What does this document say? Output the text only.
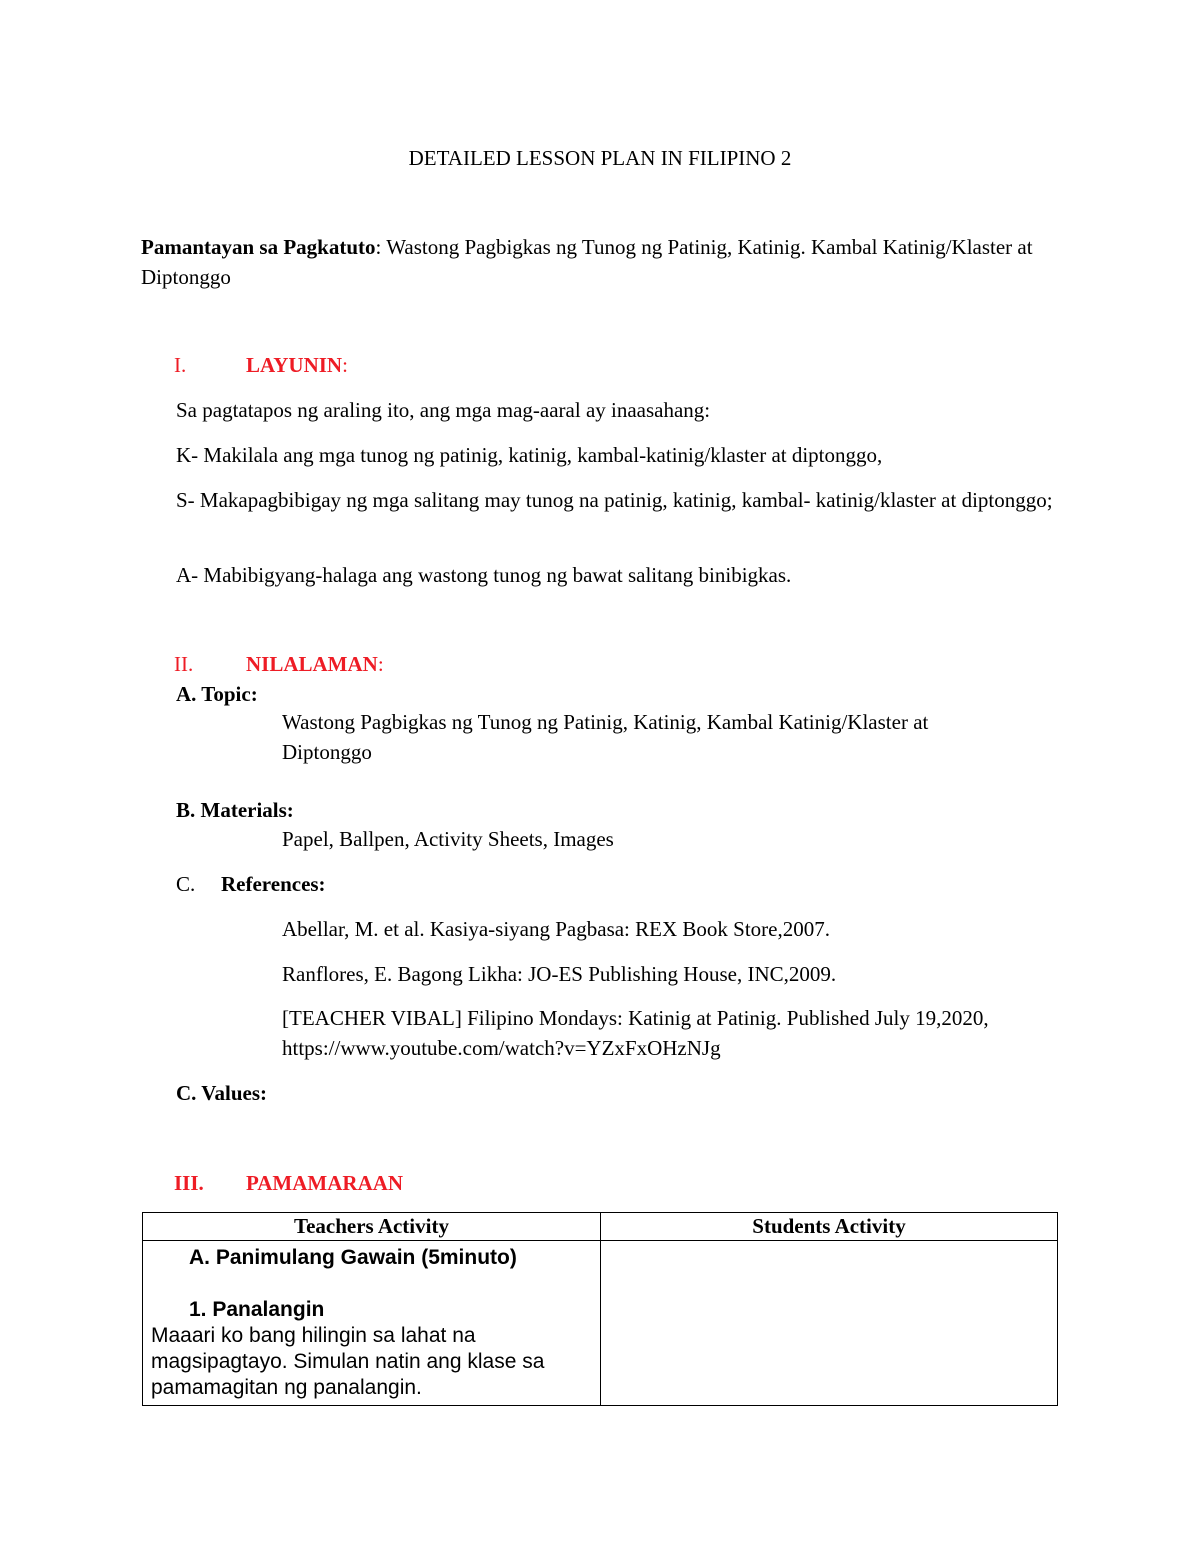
DETAILED LESSON PLAN IN FILIPINO 2
Pamantayan sa Pagkatuto: Wastong Pagbigkas ng Tunog ng Patinig, Katinig. Kambal Katinig/Klaster at Diptonggo
I.	LAYUNIN:
Sa pagtatapos ng araling ito, ang mga mag-aaral ay inaasahang:
K- Makilala ang mga tunog ng patinig, katinig, kambal-katinig/klaster at diptonggo,
S- Makapagbibigay ng mga salitang may tunog na patinig, katinig, kambal- katinig/klaster at diptonggo;
A- Mabibigyang-halaga ang wastong tunog ng bawat salitang binibigkas.
II.	NILALAMAN:
A. Topic:
Wastong Pagbigkas ng Tunog ng Patinig, Katinig, Kambal Katinig/Klaster at Diptonggo
B. Materials:
Papel, Ballpen, Activity Sheets, Images
C. References:
Abellar, M. et al. Kasiya-siyang Pagbasa: REX Book Store,2007.
Ranflores, E. Bagong Likha: JO-ES Publishing House, INC,2009.
[TEACHER VIBAL] Filipino Mondays: Katinig at Patinig. Published July 19,2020, https://www.youtube.com/watch?v=YZxFxOHzNJg
C. Values:
III. PAMAMARAAN
Teachers Activity	Students Activity

A. Panimulang Gawain (5minuto)
1. Panalangin
Maaari ko bang hilingin sa lahat na magsipagtayo. Simulan natin ang klase sa pamamagitan ng panalangin.	
